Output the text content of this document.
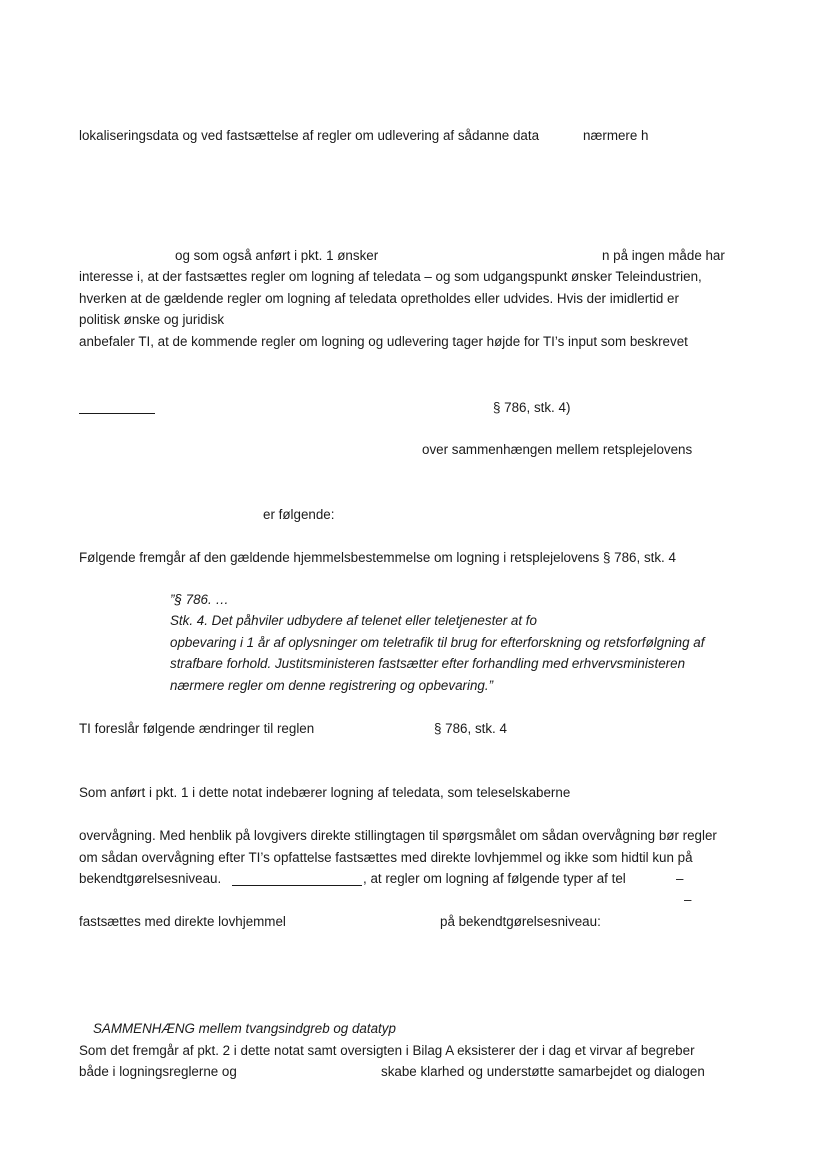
lokaliseringsdata og ved fastsættelse af regler om udlevering af sådanne data	nærmere h
og som også anført i pkt. 1 ønsker	n på ingen måde har
interesse i, at der fastsættes regler om logning af teledata – og som udgangspunkt ønsker Teleindustrien,
hverken at de gældende regler om logning af teledata opretholdes eller udvides. Hvis der imidlertid er
politisk ønske og juridisk
anbefaler TI, at de kommende regler om logning og udlevering tager højde for TI’s input som beskrevet
§ 786, stk. 4)
over sammenhængen mellem retsplejelovens
er følgende:
Følgende fremgår af den gældende hjemmelsbestemmelse om logning i retsplejelovens § 786, stk. 4
”§ 786. …
Stk. 4. Det påhviler udbydere af telenet eller teletjenester at fo
opbevaring i 1 år af oplysninger om teletrafik til brug for efterforskning og retsforfølgning af
strafbare forhold. Justitsministeren fastsætter efter forhandling med erhvervsministeren
nærmere regler om denne registrering og opbevaring.”
TI foreslår følgende ændringer til reglen	§ 786, stk. 4
Som anført i pkt. 1 i dette notat indebærer logning af teledata, som teleselskaberne
overvågning. Med henblik på lovgivers direkte stillingtagen til spørgsmålet om sådan overvågning bør regler
om sådan overvågning efter TI’s opfattelse fastsættes med direkte lovhjemmel og ikke som hidtil kun på
bekendtgørelsesniveau.	, at regler om logning af følgende typer af tel	–
–
fastsættes med direkte lovhjemmel	på bekendtgørelsesniveau:
SAMMENHÆNG mellem tvangsindgreb og datatyp
Som det fremgår af pkt. 2 i dette notat samt oversigten i Bilag A eksisterer der i dag et virvar af begreber
både i logningsreglerne og	skabe klarhed og understøtte samarbejdet og dialogen
